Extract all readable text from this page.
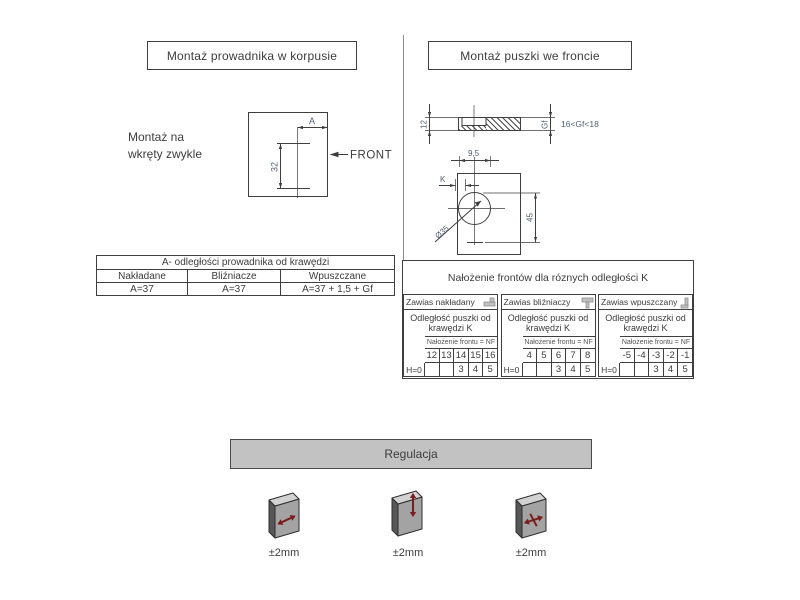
Montaż prowadnika w korpusie	Montaż puszki we froncie
Montaż na
wkręty zwykle
A
32
FRONT
12	Gf 16<Gf<18
9,5
K
45
Ø35
A- odległości prowadnika od krawędzi		
Nakładane	Bliźniacze	Wpuszczane
A=37	A=37	A=37 + 1,5 + Gf
Nałożenie frontów dla róznych odległości K
Zawias nakładany					

Odległość puszki od krawędzi K					
	Nałożenie frontu = NF				
	12	13	14	15	16
H=0			3	4	5
Zawias bliźniaczy					

Odległość puszki od krawędzi K					
	Nałożenie frontu = NF				
	4	5	6	7	8
H=0			3	4	5
Zawias wpuszczany					

Odległość puszki od krawędzi K					
	Nałożenie frontu = NF				
	-5	-4	-3	-2	-1
H=0			3	4	5
Regulacja
±2mm	±2mm	±2mm
